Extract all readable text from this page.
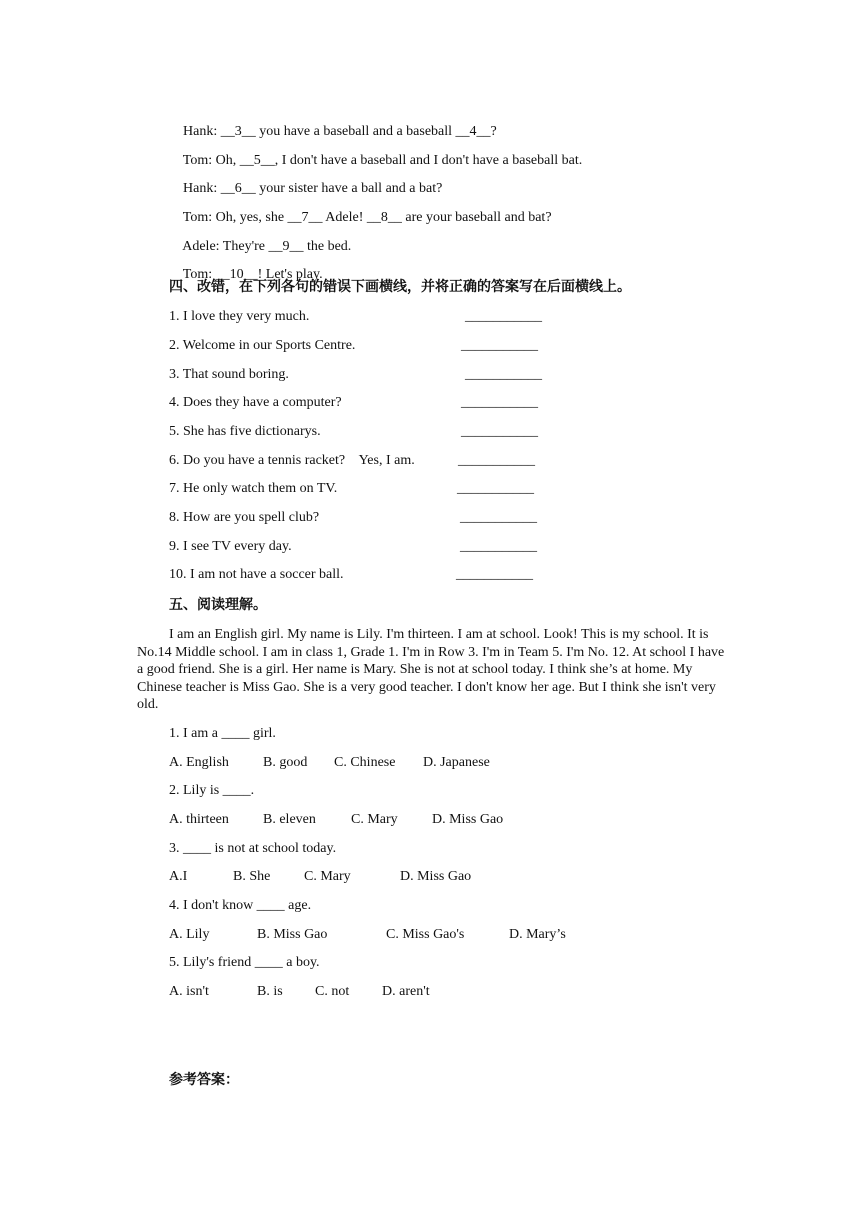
Hank: __3__ you have a baseball and a baseball __4__?

Tom: Oh, __5__, I don't have a baseball and I don't have a baseball bat.

Hank: __6__ your sister have a ball and a bat?

Tom: Oh, yes, she __7__ Adele! __8__ are your baseball and bat?

Adele: They're __9__ the bed.

Tom: __10__! Let's play.

四、改错，在下列各句的错误下画横线，并将正确的答案写在后面横线上。
1. I love they very much.	___________
2. Welcome in our Sports Centre.	___________
3. That sound boring.	___________
4. Does they have a computer?	___________
5. She has five dictionarys.	___________
6. Do you have a tennis racket?    Yes, I am.	___________
7. He only watch them on TV.	___________
8. How are you spell club?	___________
9. I see TV every day.	___________
10. I am not have a soccer ball.	___________
五、阅读理解。
I am an English girl. My name is Lily. I'm thirteen. I am at school. Look! This is my school. It is No.14 Middle school. I am in class 1, Grade 1. I'm in Row 3. I'm in Team 5. I'm No. 12. At school I have a good friend. She is a girl. Her name is Mary. She is not at school today. I think she’s at home. My Chinese teacher is Miss Gao. She is a very good teacher. I don't know her age. But I think she isn't very old.
1. I am a ____ girl.
A. English B. good C. Chinese D. Japanese
2. Lily is ____.
A. thirteen B. eleven	C. Mary D. Miss Gao
3. ____ is not at school today.
A.I	B. She C. Mary	D. Miss Gao
4. I don't know ____ age.
A. Lily	B. Miss Gao	C. Miss Gao's	D. Mary’s
5. Lily's friend ____ a boy.
A. isn't	B. is C. not D. aren't
参考答案：
